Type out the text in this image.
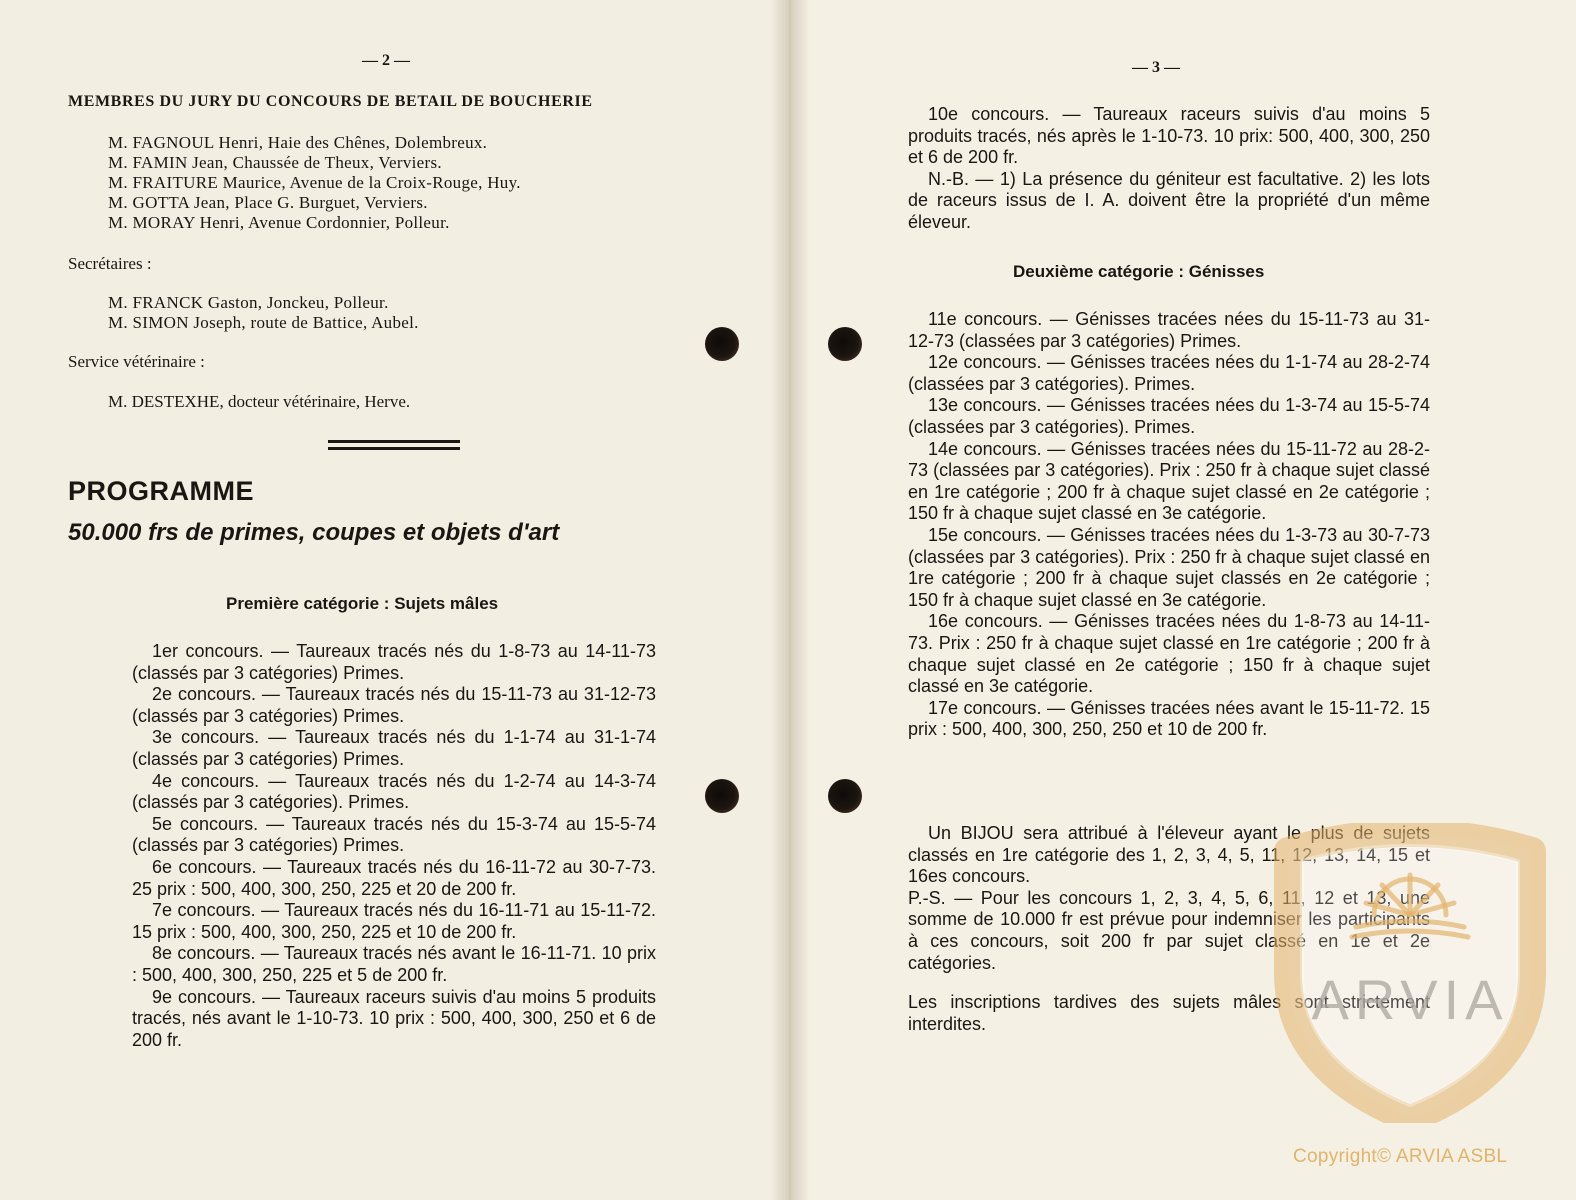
— 2 —
MEMBRES DU JURY DU CONCOURS DE BETAIL DE BOUCHERIE
M. FAGNOUL Henri, Haie des Chênes, Dolembreux.
M. FAMIN Jean, Chaussée de Theux, Verviers.
M. FRAITURE Maurice, Avenue de la Croix-Rouge, Huy.
M. GOTTA Jean, Place G. Burguet, Verviers.
M. MORAY Henri, Avenue Cordonnier, Polleur.
Secrétaires :
M. FRANCK Gaston, Jonckeu, Polleur.
M. SIMON Joseph, route de Battice, Aubel.
Service vétérinaire :
M. DESTEXHE, docteur vétérinaire, Herve.
PROGRAMME
50.000 frs de primes, coupes et objets d'art
Première catégorie : Sujets mâles

1er concours. — Taureaux tracés nés du 1-8-73 au 14-11-73 (classés par 3 catégories) Primes.

2e concours. — Taureaux tracés nés du 15-11-73 au 31-12-73 (classés par 3 catégories) Primes.

3e concours. — Taureaux tracés nés du 1-1-74 au 31-1-74 (classés par 3 catégories) Primes.

4e concours. — Taureaux tracés nés du 1-2-74 au 14-3-74 (classés par 3 catégories). Primes.

5e concours. — Taureaux tracés nés du 15-3-74 au 15-5-74 (classés par 3 catégories) Primes.

6e concours. — Taureaux tracés nés du 16-11-72 au 30-7-73. 25 prix : 500, 400, 300, 250, 225 et 20 de 200 fr.

7e concours. — Taureaux tracés nés du 16-11-71 au 15-11-72. 15 prix : 500, 400, 300, 250, 225 et 10 de 200 fr.

8e concours. — Taureaux tracés nés avant le 16-11-71. 10 prix : 500, 400, 300, 250, 225 et 5 de 200 fr.

9e concours. — Taureaux raceurs suivis d'au moins 5 produits tracés, nés avant le 1-10-73. 10 prix : 500, 400, 300, 250 et 6 de 200 fr.

— 3 —

10e concours. — Taureaux raceurs suivis d'au moins 5 produits tracés, nés après le 1-10-73. 10 prix: 500, 400, 300, 250 et 6 de 200 fr.

N.-B. — 1) La présence du géniteur est facultative. 2) les lots de raceurs issus de I. A. doivent être la propriété d'un même éleveur.

Deuxième catégorie : Génisses

11e concours. — Génisses tracées nées du 15-11-73 au 31-12-73 (classées par 3 catégories) Primes.

12e concours. — Génisses tracées nées du 1-1-74 au 28-2-74 (classées par 3 catégories). Primes.

13e concours. — Génisses tracées nées du 1-3-74 au 15-5-74 (classées par 3 catégories). Primes.

14e concours. — Génisses tracées nées du 15-11-72 au 28-2-73 (classées par 3 catégories). Prix : 250 fr à chaque sujet classé en 1re catégorie ; 200 fr à chaque sujet classé en 2e catégorie ; 150 fr à chaque sujet classé en 3e catégorie.

15e concours. — Génisses tracées nées du 1-3-73 au 30-7-73 (classées par 3 catégories). Prix : 250 fr à chaque sujet classé en 1re catégorie ; 200 fr à chaque sujet classés en 2e catégorie ; 150 fr à chaque sujet classé en 3e catégorie.

16e concours. — Génisses tracées nées du 1-8-73 au 14-11-73. Prix : 250 fr à chaque sujet classé en 1re catégorie ; 200 fr à chaque sujet classé en 2e catégorie ; 150 fr à chaque sujet classé en 3e catégorie.

17e concours. — Génisses tracées nées avant le 15-11-72. 15 prix : 500, 400, 300, 250, 250 et 10 de 200 fr.

Un BIJOU sera attribué à l'éleveur ayant le plus de sujets classés en 1re catégorie des 1, 2, 3, 4, 5, 11, 12, 13, 14, 15 et 16es concours.

P.-S. — Pour les concours 1, 2, 3, 4, 5, 6, 11, 12 et 13, une somme de 10.000 fr est prévue pour indemniser les participants à ces concours, soit 200 fr par sujet classé en 1e et 2e catégories.

Les inscriptions tardives des sujets mâles sont strictement interdites.	ARVIA
Copyright© ARVIA ASBL
